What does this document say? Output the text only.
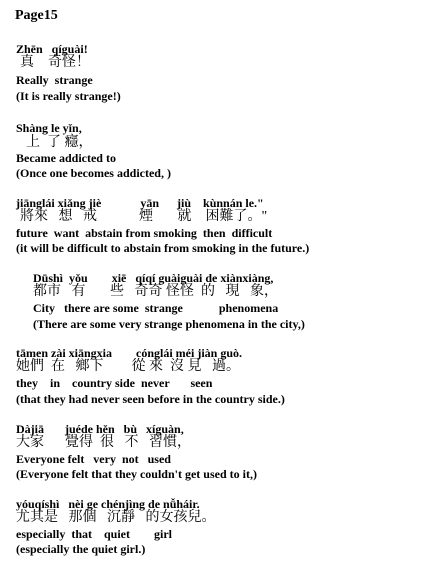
Page15
Zhēn   qíguài!
真    奇怪！
Really  strange
(It is really strange!)
Shàng le yǐn,
上  了 癮，
Became addicted to
(Once one becomes addicted, )
jiānglái xiǎng jiè             yān      jiù    kùnnán le."
將來   想   戒            煙       就    困難了。"
future  want  abstain from smoking  then  difficult
(it will be difficult to abstain from smoking in the future.)
Dūshì  yǒu        xiē   qíqí guàiguài de xiànxiàng,
都市   有       些   奇奇 怪怪  的   現   象，
City   there are some  strange            phenomena
(There are some very strange phenomena in the city,)
tāmen zài xiāngxia        cónglái méi jiàn guò.
她們  在   鄉下        從 來  沒 見   過。
they    in    country side  never       seen
(that they had never seen before in the country side.)
Dàjiā       juéde hěn   bù   xíguàn,
大家      覺得  很   不   習慣，
Everyone felt   very  not   used
(Everyone felt that they couldn't get used to it,)
yóuqíshì   nèi ge chénjìng de nǚháir.
尤其是   那個   沉靜   的女孩兒。
especially  that    quiet        girl
(especially the quiet girl.)
